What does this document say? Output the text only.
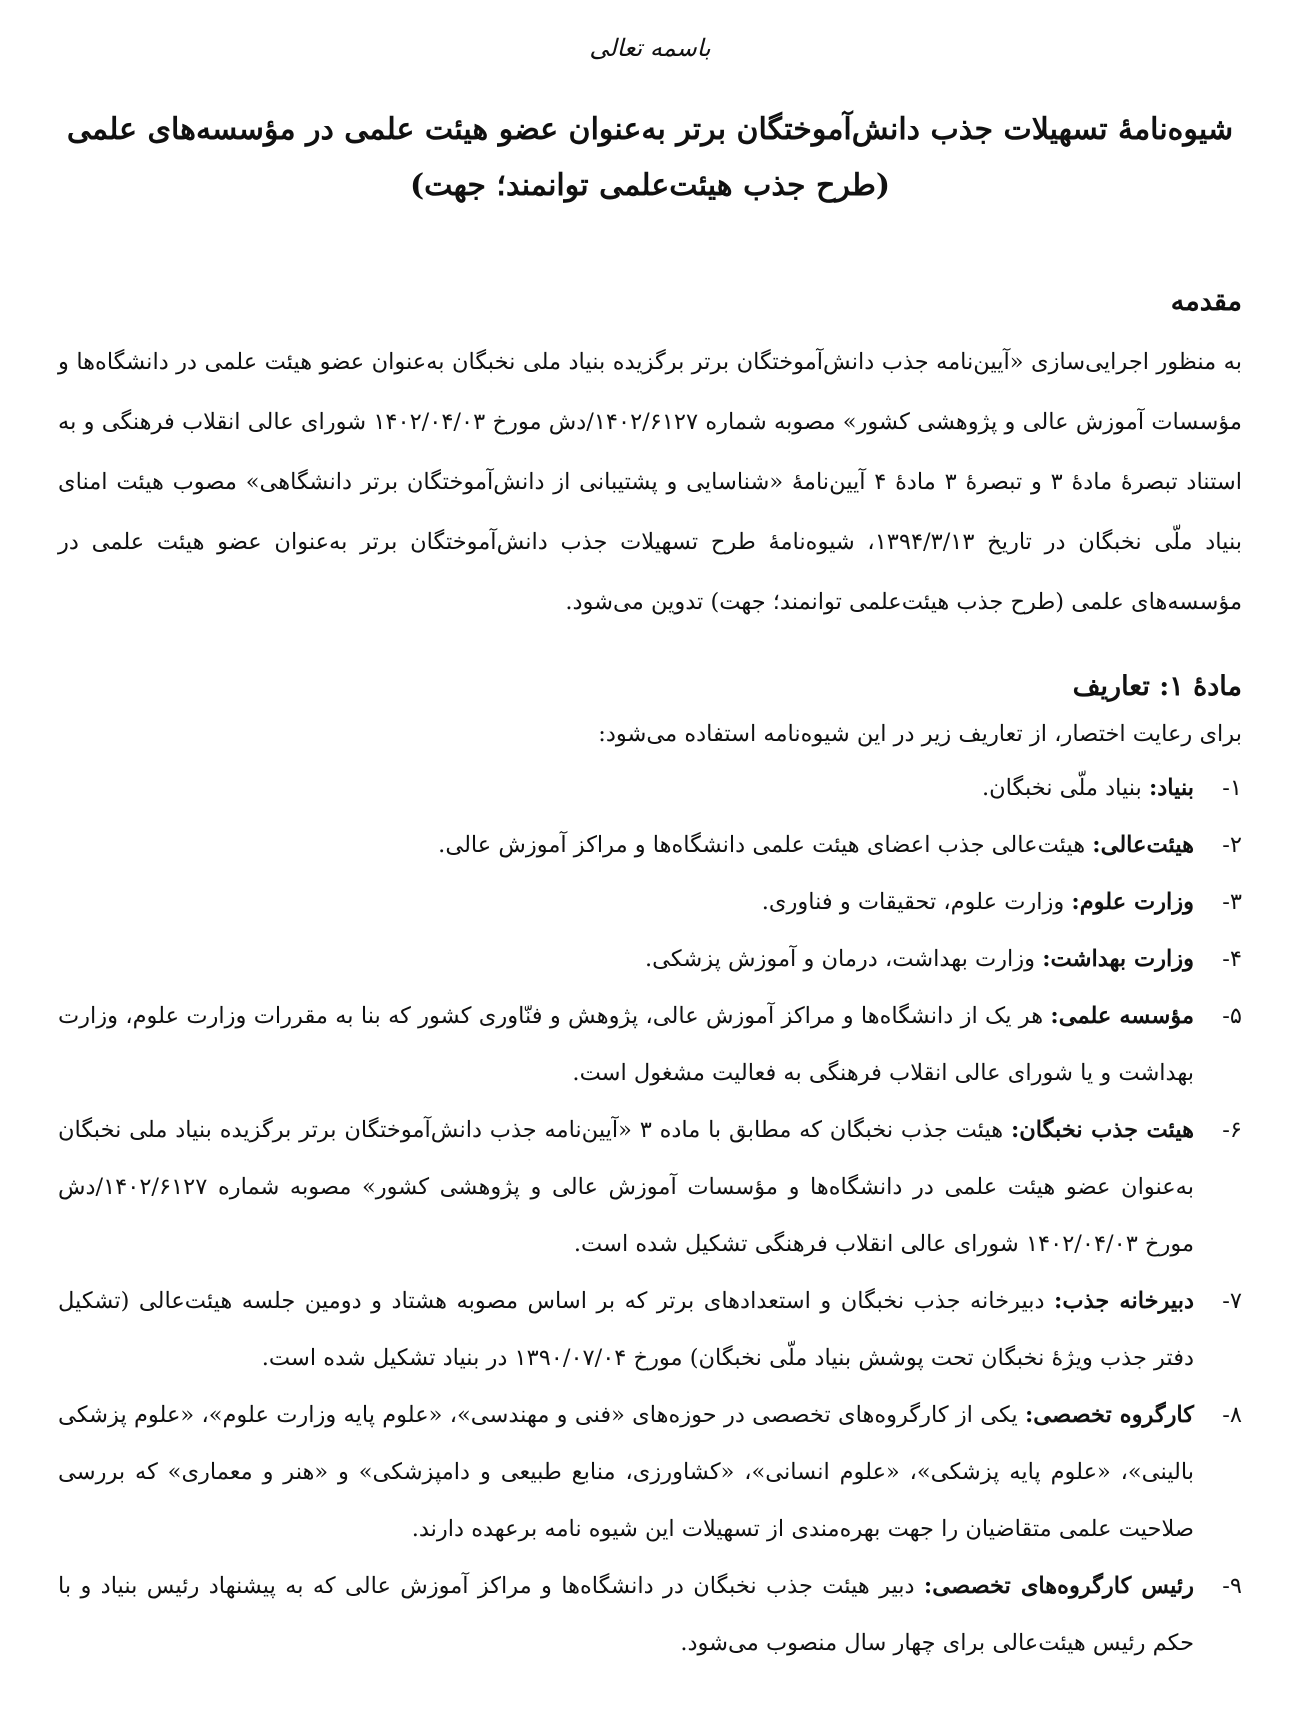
باسمه تعالی
شیوه‌نامۀ تسهیلات جذب دانش‌آموختگان برتر به‌عنوان عضو هیئت علمی در مؤسسه‌های علمی
(طرح جذب هیئت‌علمی توانمند؛ جهت)
مقدمه

به منظور اجرایی‌سازی «آیین‌نامه جذب دانش‌آموختگان برتر برگزیده بنیاد ملی نخبگان به‌عنوان عضو هیئت علمی در دانشگاه‌ها و مؤسسات آموزش عالی و پژوهشی کشور» مصوبه شماره ۱۴۰۲/۶۱۲۷/دش مورخ ۱۴۰۲/۰۴/۰۳ شورای عالی انقلاب فرهنگی و به استناد تبصرۀ مادۀ ۳ و تبصرۀ ۳ مادۀ ۴ آیین‌نامۀ «شناسایی و پشتیبانی از دانش‌آموختگان برتر دانشگاهی» مصوب هیئت امنای بنیاد ملّی نخبگان در تاریخ ۱۳۹۴/۳/۱۳، شیوه‌نامۀ طرح تسهیلات جذب دانش‌آموختگان برتر به‌عنوان عضو هیئت علمی در مؤسسه‌های علمی (طرح جذب هیئت‌علمی توانمند؛ جهت) تدوین می‌شود.

مادۀ ۱: تعاریف

برای رعایت اختصار، از تعاریف زیر در این شیوه‌نامه استفاده می‌شود:

۱-
بنیاد: بنیاد ملّی نخبگان.
۲-
هیئت‌عالی: هیئت‌عالی جذب اعضای هیئت علمی دانشگاه‌ها و مراکز آموزش عالی.
۳-
وزارت علوم: وزارت علوم، تحقیقات و فناوری.
۴-
وزارت بهداشت: وزارت بهداشت، درمان و آموزش پزشکی.
۵-
مؤسسه علمی: هر یک از دانشگاه‌ها و مراکز آموزش عالی، پژوهش و فنّاوری کشور که بنا به مقررات وزارت علوم، وزارت بهداشت و یا شورای عالی انقلاب فرهنگی به فعالیت مشغول است.
۶-
هیئت جذب نخبگان: هیئت جذب نخبگان که مطابق با ماده ۳ «آیین‌نامه جذب دانش‌آموختگان برتر برگزیده بنیاد ملی نخبگان به‌عنوان عضو هیئت علمی در دانشگاه‌ها و مؤسسات آموزش عالی و پژوهشی کشور» مصوبه شماره ۱۴۰۲/۶۱۲۷/دش مورخ ۱۴۰۲/۰۴/۰۳ شورای عالی انقلاب فرهنگی تشکیل شده است.
۷-
دبیرخانه جذب: دبیرخانه جذب نخبگان و استعدادهای برتر که بر اساس مصوبه هشتاد و دومین جلسه هیئت‌عالی (تشکیل دفتر جذب ویژۀ نخبگان تحت پوشش بنیاد ملّی نخبگان) مورخ ۱۳۹۰/۰۷/۰۴ در بنیاد تشکیل شده است.
۸-
کارگروه تخصصی: یکی از کارگروه‌های تخصصی در حوزه‌های «فنی و مهندسی»، «علوم پایه وزارت علوم»، «علوم پزشکی بالینی»، «علوم پایه پزشکی»، «علوم انسانی»، «کشاورزی، منابع طبیعی و دامپزشکی» و «هنر و معماری» که بررسی صلاحیت علمی متقاضیان را جهت بهره‌مندی از تسهیلات این شیوه نامه برعهده دارند.
۹-
رئیس کارگروه‌های تخصصی: دبیر هیئت جذب نخبگان در دانشگاه‌ها و مراکز آموزش عالی که به پیشنهاد رئیس بنیاد و با حکم رئیس هیئت‌عالی برای چهار سال منصوب می‌شود.
